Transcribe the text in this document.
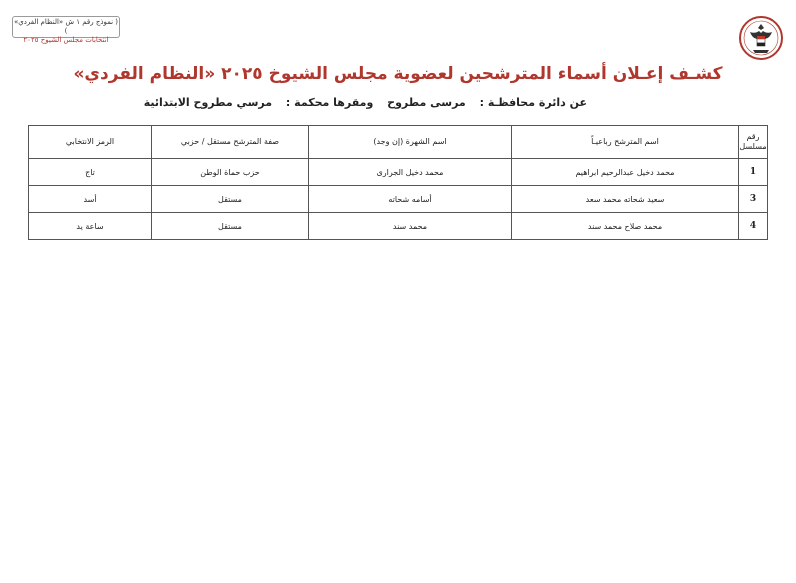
( نموذج رقم ١ ش «النظام الفردي» )
انتخابات مجلس الشيوخ ٢٠٢٥
كشـف إعـلان أسماء المترشحين لعضوية مجلس الشيوخ ٢٠٢٥ «النظام الفردي»
عن دائرة محافظـة : مرسى مطروح ومقرها محكمة : مرسي مطروح الابتدائية
رقم مسلسل	اسم المترشح رباعيـاً	اسم الشهرة (إن وجد)	صفة المترشح مستقل / حزبي	الرمز الانتخابي
1	محمد دخيل عبدالرحيم ابراهيم	محمد دخيل الجرارى	حزب حماة الوطن	تاج
3	سعيد شحاته محمد سعد	أسامه شحاته	مستقل	أسد
4	محمد صلاح محمد سند	محمد سند	مستقل	ساعة يد
